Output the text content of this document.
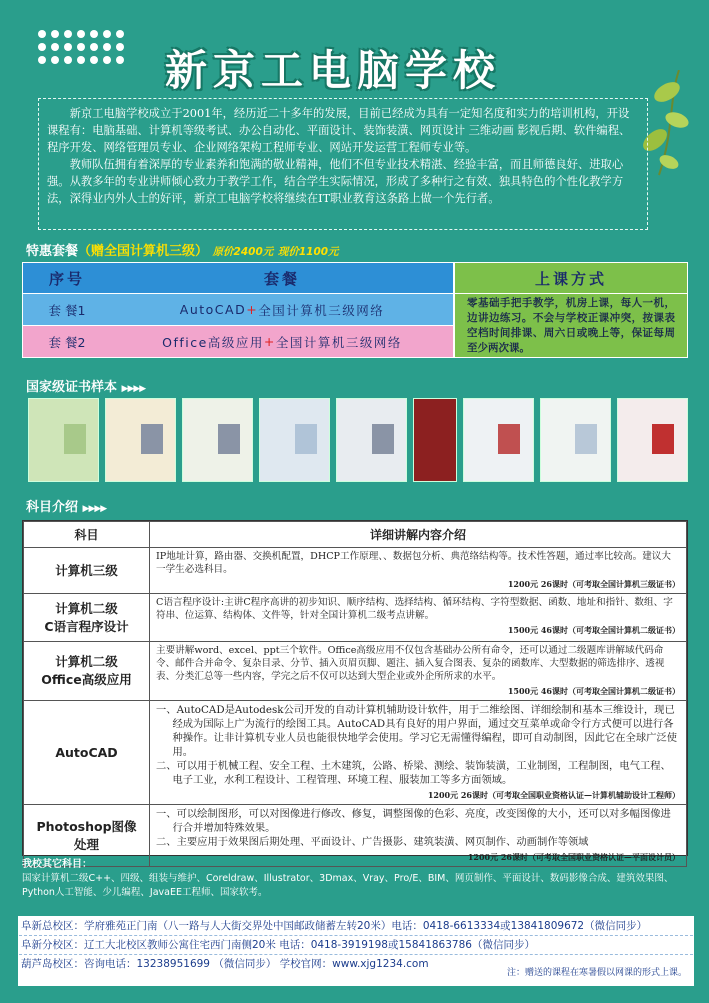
新京工电脑学校

新京工电脑学校成立于2001年，经历近二十多年的发展，目前已经成为具有一定知名度和实力的培训机构，开设课程有：电脑基础、计算机等级考试、办公自动化、平面设计、装饰装潢、网页设计 三维动画 影视后期、软件编程、程序开发、网络管理员专业、企业网络架构工程师专业、网站开发运营工程师专业等。

教师队伍拥有着深厚的专业素养和饱满的敬业精神，他们不但专业技术精湛、经验丰富，而且师德良好、进取心强。从教多年的专业讲师倾心致力于教学工作，结合学生实际情况，形成了多种行之有效、独具特色的个性化教学方法，深得业内外人士的好评，新京工电脑学校将继续在IT职业教育这条路上做一个先行者。

特惠套餐（赠全国计算机三级） 原价2400元 现价1100元
序号	套餐	上课方式
套 餐1	AutoCAD + 全国计算机三级网络
套 餐2	Office高级应用 + 全国计算机三级网络
零基础手把手教学，机房上课，每人一机，边讲边练习。不会与学校正课冲突，按课表空档时间排课、周六日或晚上等，保证每周至少两次课。
国家级证书样本 ▶▶▶▶
科目介绍 ▶▶▶▶
科目	详细讲解内容介绍
计算机三级	IP地址计算，路由器、交换机配置，DHCP工作原理、、数据包分析、典范络结构等。技术性答题，通过率比较高。建议大一学生必选科目。
1200元 26课时（可考取全国计算机三级证书）

计算机二级
C语言程序设计	C语言程序设计:主讲C程序高讲的初步知识、顺序结构、选择结构、循环结构、字符型数据、函数、地址和指针、数组、字符串、位运算、结构体、文件等，针对全国计算机二级考点讲解。
1500元 46课时（可考取全国计算机二级证书）

计算机二级
Office高级应用	主要讲解word、excel、ppt三个软件。Office高级应用不仅包含基础办公所有命令，还可以通过二级题库讲解域代码命令、邮件合并命令、复杂目录、分节、插入页眉页脚、题注、插入复合图表、复杂的函数库、大型数据的筛选排序、透视表、分类汇总等一些内容，学完之后不仅可以达到大型企业或外企所所求的水平。
1500元 46课时（可考取全国计算机二级证书）

AutoCAD	一、AutoCAD是Autodesk公司开发的自动计算机辅助设计软件，用于二维绘图、详细绘制和基本三维设计，现已经成为国际上广为流行的绘图工具。AutoCAD具有良好的用户界面，通过交互菜单或命令行方式便可以进行各种操作。让非计算机专业人员也能很快地学会使用。学习它无需懂得编程，即可自动制图，因此它在全球广泛使用。
二、可以用于机械工程、安全工程、土木建筑，公路、桥梁、测绘、装饰装潢，工业制图，工程制图，电气工程、电子工业，水利工程设计、工程管理、环境工程、服装加工等多方面领域。
1200元 26课时（可考取全国职业资格认证—计算机辅助设计工程师）

Photoshop图像
处理	一、可以绘制图形，可以对图像进行修改、修复，调整图像的色彩、亮度，改变图像的大小，还可以对多幅图像进行合并增加特殊效果。
二、主要应用于效果图后期处理、平面设计、广告摄影、建筑装潢、网页制作、动画制作等领域
1200元 26课时（可考取全国职业资格认证—平面设计员）
我校其它科目：
国家计算机二级C++、四级、组装与维护、Coreldraw、Illustrator、3Dmax、Vray、Pro/E、BIM、网页制作、平面设计、数码影像合成、建筑效果图、Python人工智能、少儿编程、JavaEE工程师、国家软考。
阜新总校区：学府雅苑正门南（八一路与人大街交界处中国邮政储蓄左转20米）电话：0418-6613334或13841809672（微信同步）
阜新分校区：辽工大北校区教师公寓住宅西门南侧20米 电话：0418-3919198或15841863786（微信同步）
葫芦岛校区：咨询电话：13238951699 （微信同步） 学校官网：www.xjg1234.com
注：赠送的课程在寒暑假以网课的形式上课。
